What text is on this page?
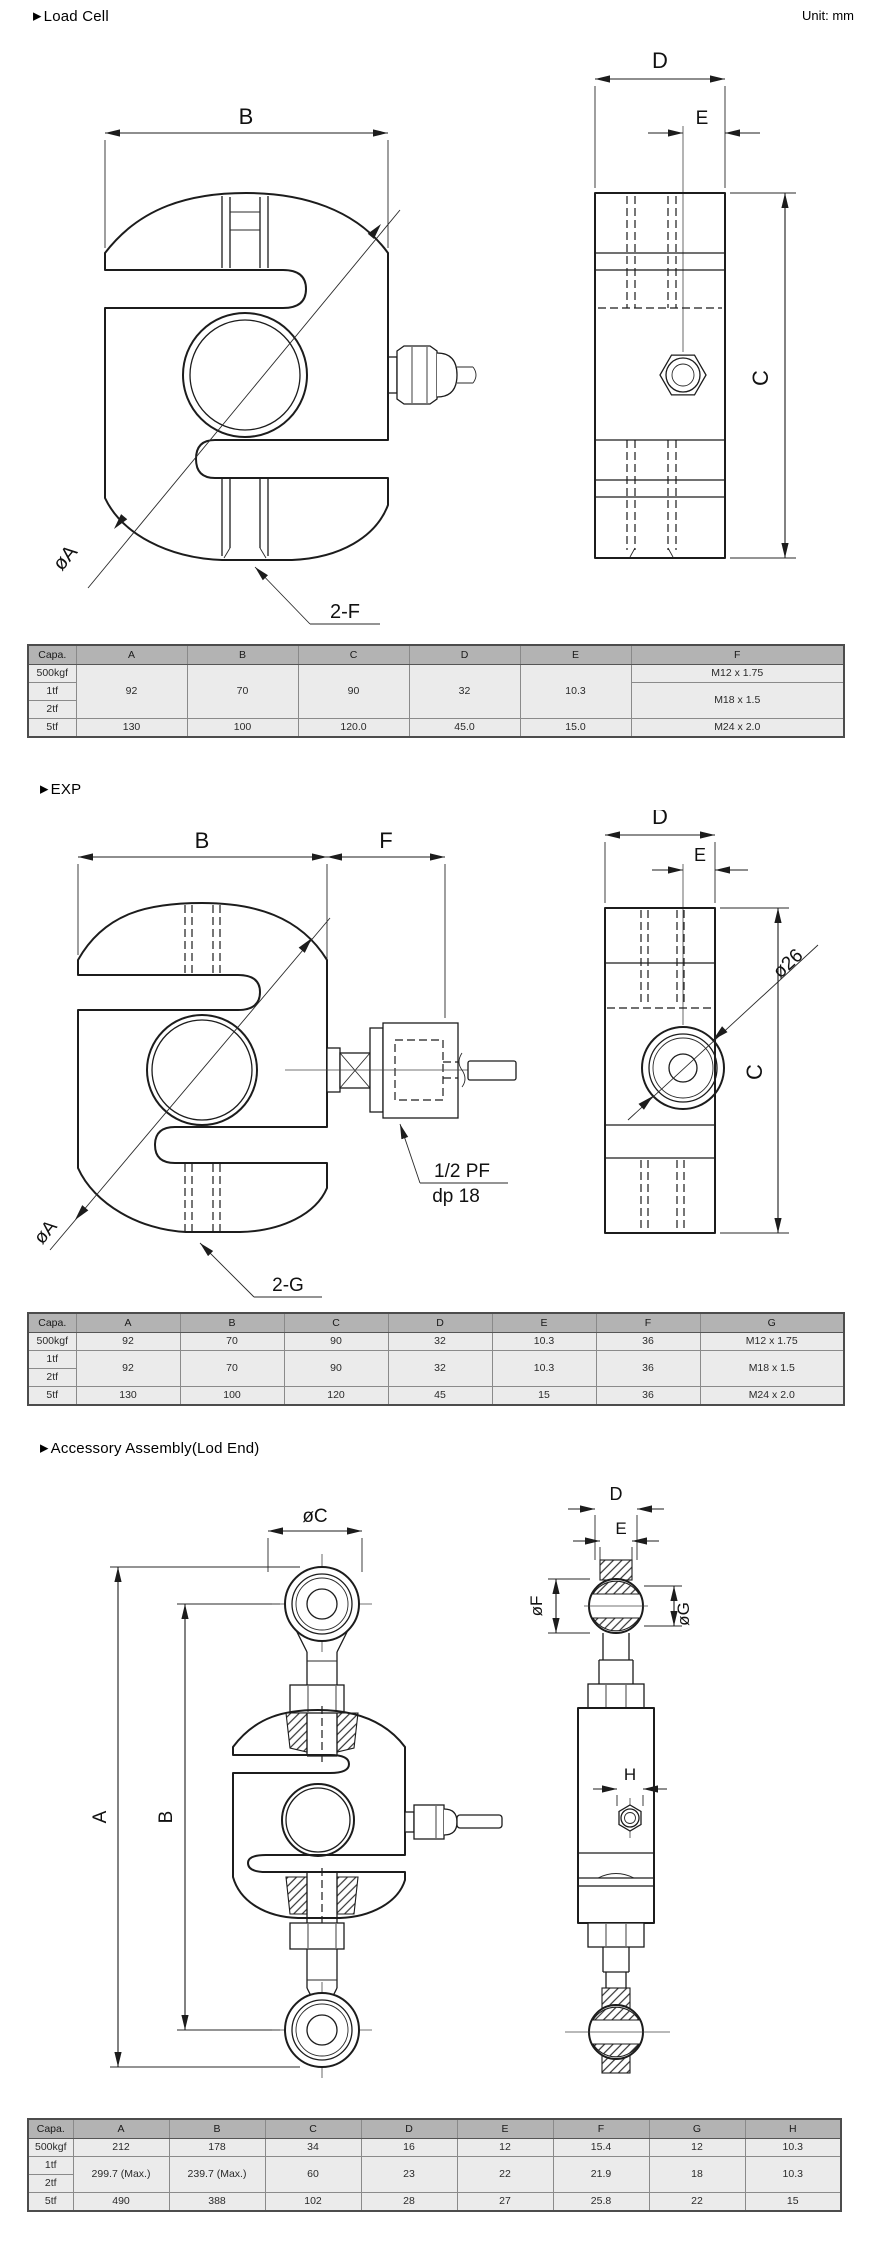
▶ Load Cell	Unit: mm
B
øA
2-F
D
E
C
Capa.	A	B	C	D	E	F
500kgf	92	70	90	32	10.3	M12 x 1.75
1tf						M18 x 1.5
2tf						
5tf	130	100	120.0	45.0	15.0	M24 x 2.0
▶ EXP
B	F
øA
2-G
1/2 PF
dp 18
D
E
ø26
C
Capa.	A	B	C	D	E	F	G
500kgf	92	70	90	32	10.3	36	M12 x 1.75
1tf	92	70	90	32	10.3	36	M18 x 1.5
2tf							
5tf	130	100	120	45	15	36	M24 x 2.0
▶ Accessory Assembly(Lod End)
øC
A B
D
E
øF	øG
H
Capa.	A	B	C	D	E	F	G	H
500kgf	212	178	34	16	12	15.4	12	10.3
1tf	299.7 (Max.)	239.7 (Max.)	60	23	22	21.9	18	10.3
2tf								
5tf	490	388	102	28	27	25.8	22	15
